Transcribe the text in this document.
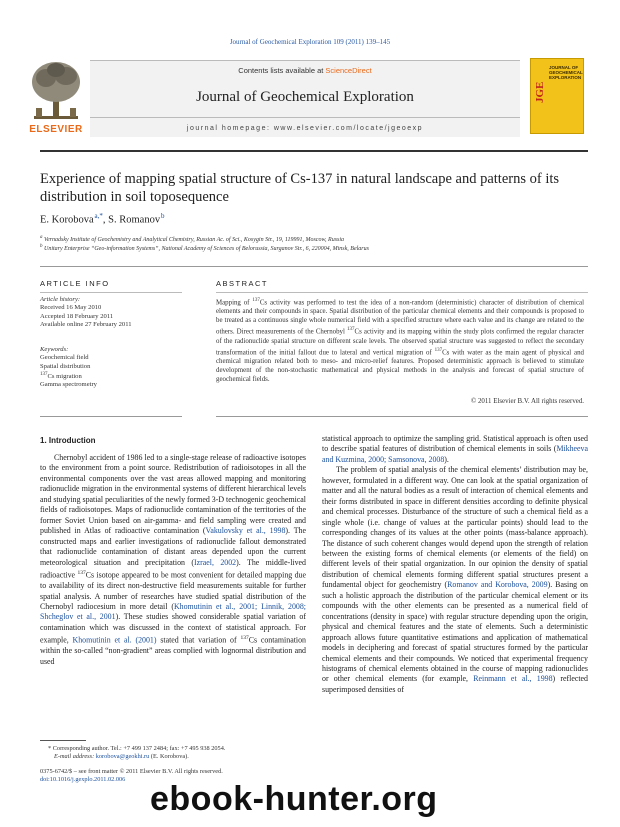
Journal of Geochemical Exploration 109 (2011) 139–145
Contents lists available at ScienceDirect
Journal of Geochemical Exploration
journal homepage: www.elsevier.com/locate/jgeoexp
ELSEVIER
JGE
JOURNAL OF GEOCHEMICAL EXPLORATION
Experience of mapping spatial structure of Cs-137 in natural landscape and patterns of its distribution in soil toposequence
E. Korobova $^{a,*}$, S. Romanov $^b$
$^a$ Vernadsky Institute of Geochemistry and Analytical Chemistry, Russian Ac. of Sci., Kosygin Str., 19, 119991, Moscow, Russia
$^b$ Unitary Enterprise “Geo-information Systems”, National Academy of Sciences of Belorussia, Surganov Str., 6, 220004, Minsk, Belarus
ARTICLE INFO
Article history:
Received 16 May 2010
Accepted 18 February 2011
Available online 27 February 2011
Keywords:
Geochemical field
Spatial distribution
$^{137}$Cs migration
Gamma spectrometry
ABSTRACT
Mapping of $^{137}$Cs activity was performed to test the idea of a non-random (deterministic) character of distribution of chemical elements and their compounds in space. Spatial distribution of the particular chemical elements and their compounds is proposed to be treated as a continuous single whole numerical field with a specified structure where each value and its change are related to the others. Direct measurements of the Chernobyl $^{137}$Cs activity and its mapping within the study plots confirmed the regular character of the radionuclide spatial structure on different scale levels. The observed spatial structure was suggested to reflect the secondary transformation of the initial fallout due to lateral and vertical migration of $^{137}$Cs with water as the main agent of physical and chemical migration related both to meso- and micro-relief features. Proposed deterministic approach is believed to stimulate development of the non-stochastic mathematical and physical methods in the analysis and forecast of spatial structure of geochemical fields.
© 2011 Elsevier B.V. All rights reserved.
1. Introduction

Chernobyl accident of 1986 led to a single-stage release of radioactive isotopes to the environment from a point source. Redistribution of radioisotopes in all the environmental components over the vast areas allowed mapping and monitoring radionuclide migration in the environmental systems of different hierarchical levels and studying spatial peculiarities of the newly formed 3-D technogenic geochemical fields of radioisotopes. Maps of radionuclide contamination of the territories of the former Soviet Union based on air-gamma- and field sampling were created and published in Atlas of radioactive contamination (Vakulovsky et al., 1998). The constructed maps and earlier investigations of radionuclide fallout demonstrated that radionuclide contamination of distant areas depended upon the current meteorological situation and precipitation (Izrael, 2002). The middle-lived radioactive $^{137}$Cs isotope appeared to be most convenient for detailed mapping due to availability of its direct non-destructive field measurements suitable for further spatial analysis. A number of researches have studied spatial distribution of the Chernobyl radiocesium in more detail (Khomutinin et al., 2001; Linnik, 2008; Shcheglov et al., 2001). These studies showed considerable spatial variation of contamination which was discussed in the context of statistical approach. For example, Khomutinin et al. (2001) stated that variation of $^{137}$Cs contamination within the so-called “non-gradient” areas complied with lognormal distribution and used

statistical approach to optimize the sampling grid. Statistical approach is often used to describe spatial features of distribution of chemical elements in soils (Mikheeva and Kuzmina, 2000; Samsonova, 2008).

The problem of spatial analysis of the chemical elements’ distribution may be, however, formulated in a different way. One can look at the spatial organization of matter and all the natural bodies as a result of interaction of chemical elements and their forms distributed in space in different densities according to definite physical and chemical processes. Disturbance of the structure of such a chemical field as a single whole (i.e. change of values at the particular points) should lead to the corresponding changes of its values at the other points (mass-balance approach). The distance of such coherent changes would depend upon the strength of relation between the existing forms of chemical elements (or elements of the field) on different levels of their spatial organization. In our opinion the density of spatial distribution of chemical elements forming different spatial structures present a fundamental object for geochemistry (Romanov and Korobova, 2009). Basing on such a holistic approach the distribution of the particular chemical element or its compounds with the other elements can be presented as a numerical field of concentrations (density in space) with regular structure depending upon the origin, physical and chemical features and the state of elements. Such a deterministic approach allows future quantitative estimations and application of mathematical models in deciphering and forecast of spatial structures formed by the particular chemical elements and their compounds. We noticed that experimental frequency histograms of chemical elements obtained in the course of mapping radionuclides or other chemical elements (for example, Reinmann et al., 1998) reflected superimposed densities of

* Corresponding author. Tel.: +7 499 137 2484; fax: +7 495 938 2054.
E-mail address: korobova@geokhi.ru (E. Korobova).
0375-6742/$ – see front matter © 2011 Elsevier B.V. All rights reserved.
doi:10.1016/j.gexplo.2011.02.006
ebook-hunter.org
